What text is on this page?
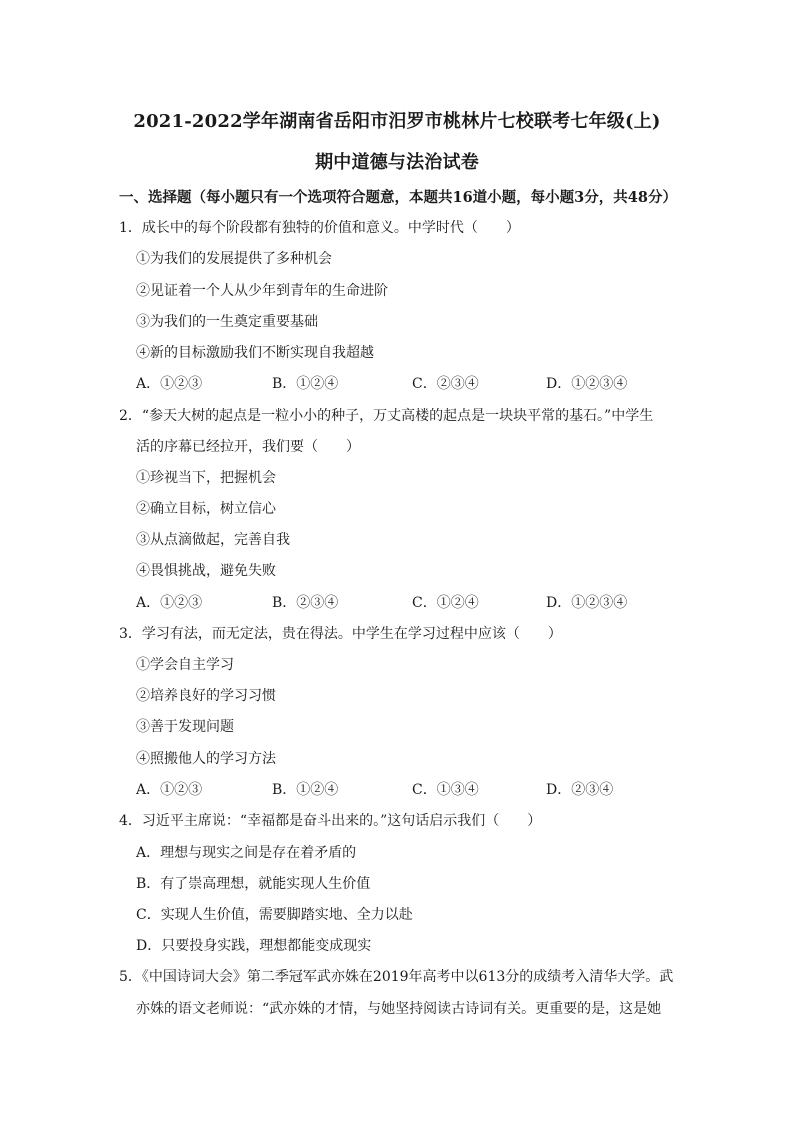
2021-2022学年湖南省岳阳市汨罗市桃林片七校联考七年级(上)
期中道德与法治试卷
一、选择题（每小题只有一个选项符合题意，本题共16道小题，每小题3分，共48分）
1．成长中的每个阶段都有独特的价值和意义。中学时代（　　）
①为我们的发展提供了多种机会
②见证着一个人从少年到青年的生命进阶
③为我们的一生奠定重要基础
④新的目标激励我们不断实现自我超越
A．①②③	B．①②④	C．②③④	D．①②③④
2．“参天大树的起点是一粒小小的种子，万丈高楼的起点是一块块平常的基石。”中学生
活的序幕已经拉开，我们要（　　）
①珍视当下，把握机会
②确立目标，树立信心
③从点滴做起，完善自我
④畏惧挑战，避免失败
A．①②③	B．②③④	C．①②④	D．①②③④
3．学习有法，而无定法，贵在得法。中学生在学习过程中应该（　　）
①学会自主学习
②培养良好的学习习惯
③善于发现问题
④照搬他人的学习方法
A．①②③	B．①②④	C．①③④	D．②③④
4．习近平主席说：“幸福都是奋斗出来的。”这句话启示我们（　　）
A．理想与现实之间是存在着矛盾的
B．有了崇高理想，就能实现人生价值
C．实现人生价值，需要脚踏实地、全力以赴
D．只要投身实践，理想都能变成现实
5．《中国诗词大会》第二季冠军武亦姝在2019年高考中以613分的成绩考入清华大学。武
亦姝的语文老师说：“武亦姝的才情，与她坚持阅读古诗词有关。更重要的是，这是她
